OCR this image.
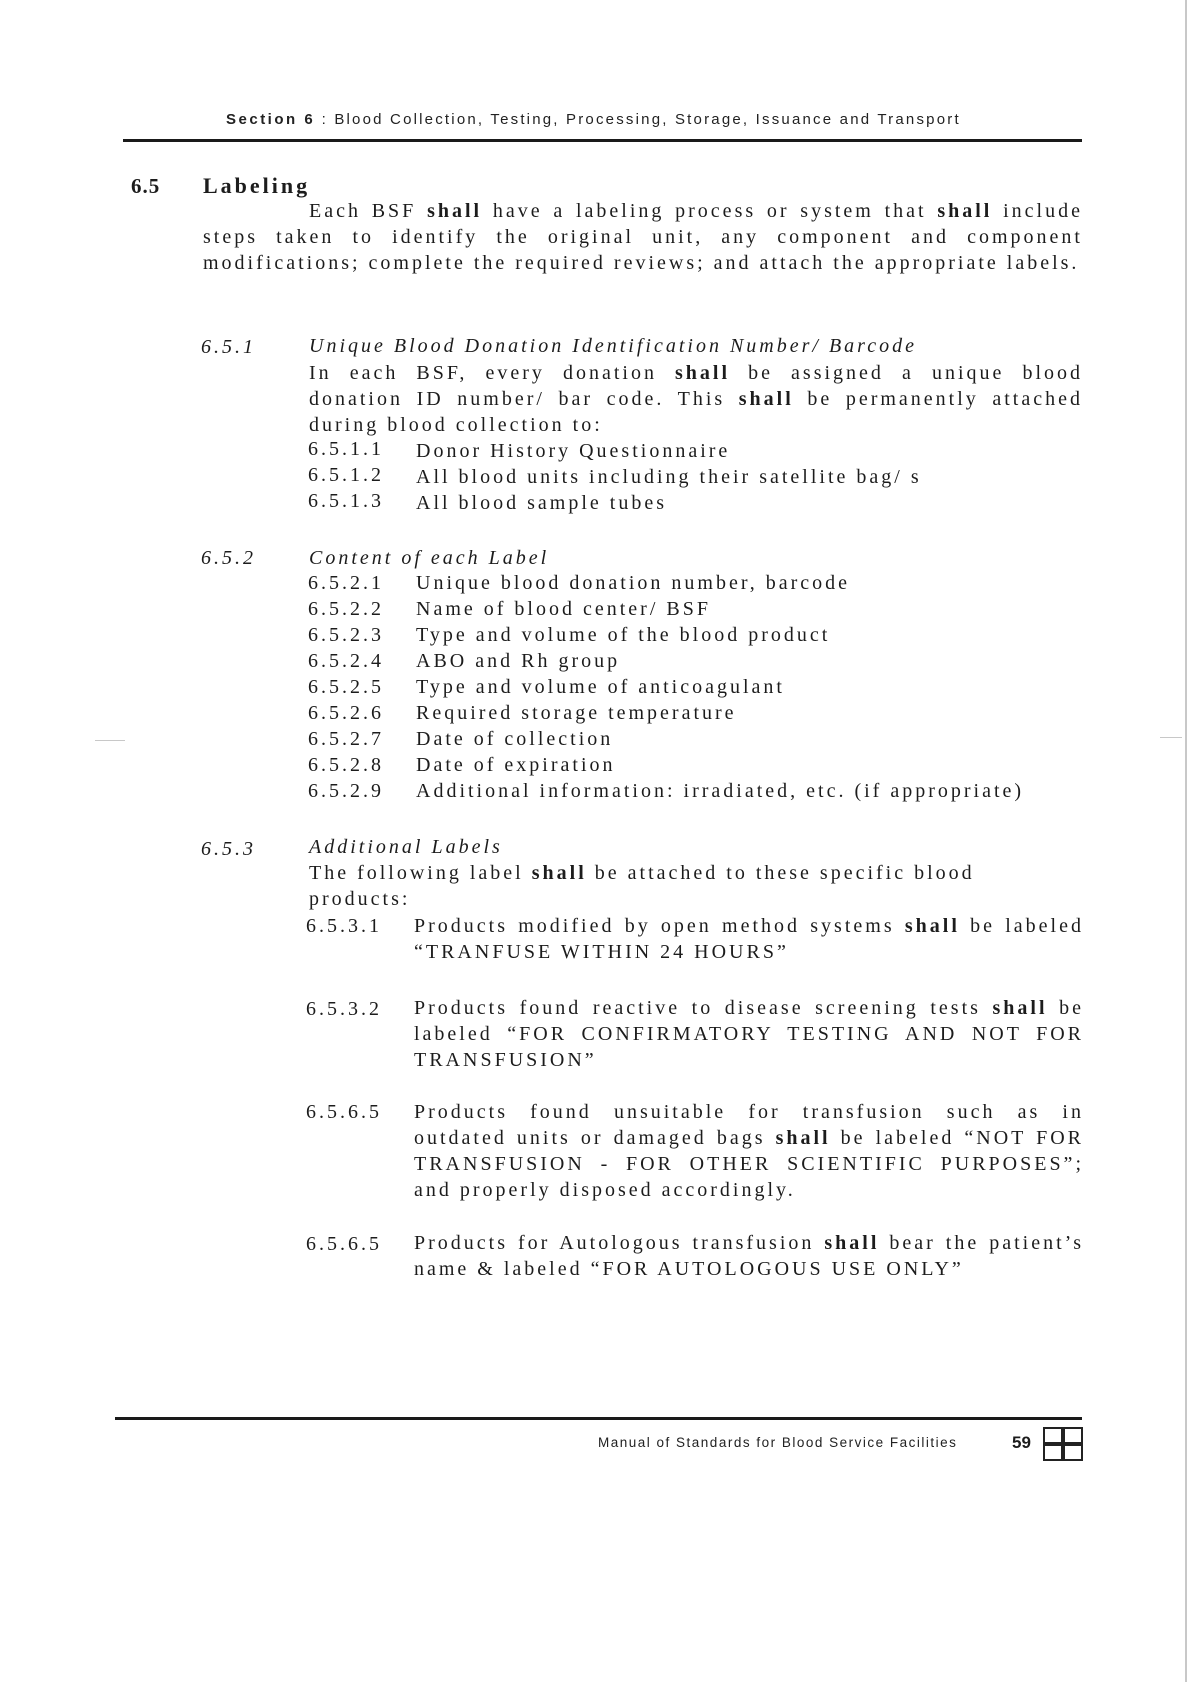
Section 6 : Blood Collection, Testing, Processing, Storage, Issuance and Transport
6.5 Labeling
Each BSF shall have a labeling process or system that shall include steps taken to identify the original unit, any component and component modifications; complete the required reviews; and attach the appropriate labels.
6.5.1	Unique Blood Donation Identification Number/ Barcode
In each BSF, every donation shall be assigned a unique blood donation ID number/ bar code. This shall be permanently attached during blood collection to:
6.5.1.1 Donor History Questionnaire
6.5.1.2 All blood units including their satellite bag/ s
6.5.1.3 All blood sample tubes
6.5.2	Content of each Label
6.5.2.1 Unique blood donation number, barcode
6.5.2.2 Name of blood center/ BSF
6.5.2.3 Type and volume of the blood product
6.5.2.4 ABO and Rh group
6.5.2.5 Type and volume of anticoagulant
6.5.2.6 Required storage temperature
6.5.2.7 Date of collection
6.5.2.8 Date of expiration
6.5.2.9 Additional information: irradiated, etc. (if appropriate)
6.5.3	Additional Labels
The following label shall be attached to these specific blood products:
6.5.3.1 Products modified by open method systems shall be labeled “TRANFUSE WITHIN 24 HOURS”
6.5.3.2 Products found reactive to disease screening tests shall be labeled “FOR CONFIRMATORY TESTING AND NOT FOR TRANSFUSION”
6.5.6.5 Products found unsuitable for transfusion such as in outdated units or damaged bags shall be labeled “NOT FOR TRANSFUSION - FOR OTHER SCIENTIFIC PURPOSES”; and properly disposed accordingly.
6.5.6.5 Products for Autologous transfusion shall bear the patient’s name & labeled “FOR AUTOLOGOUS USE ONLY”
Manual of Standards for Blood Service Facilities	59
